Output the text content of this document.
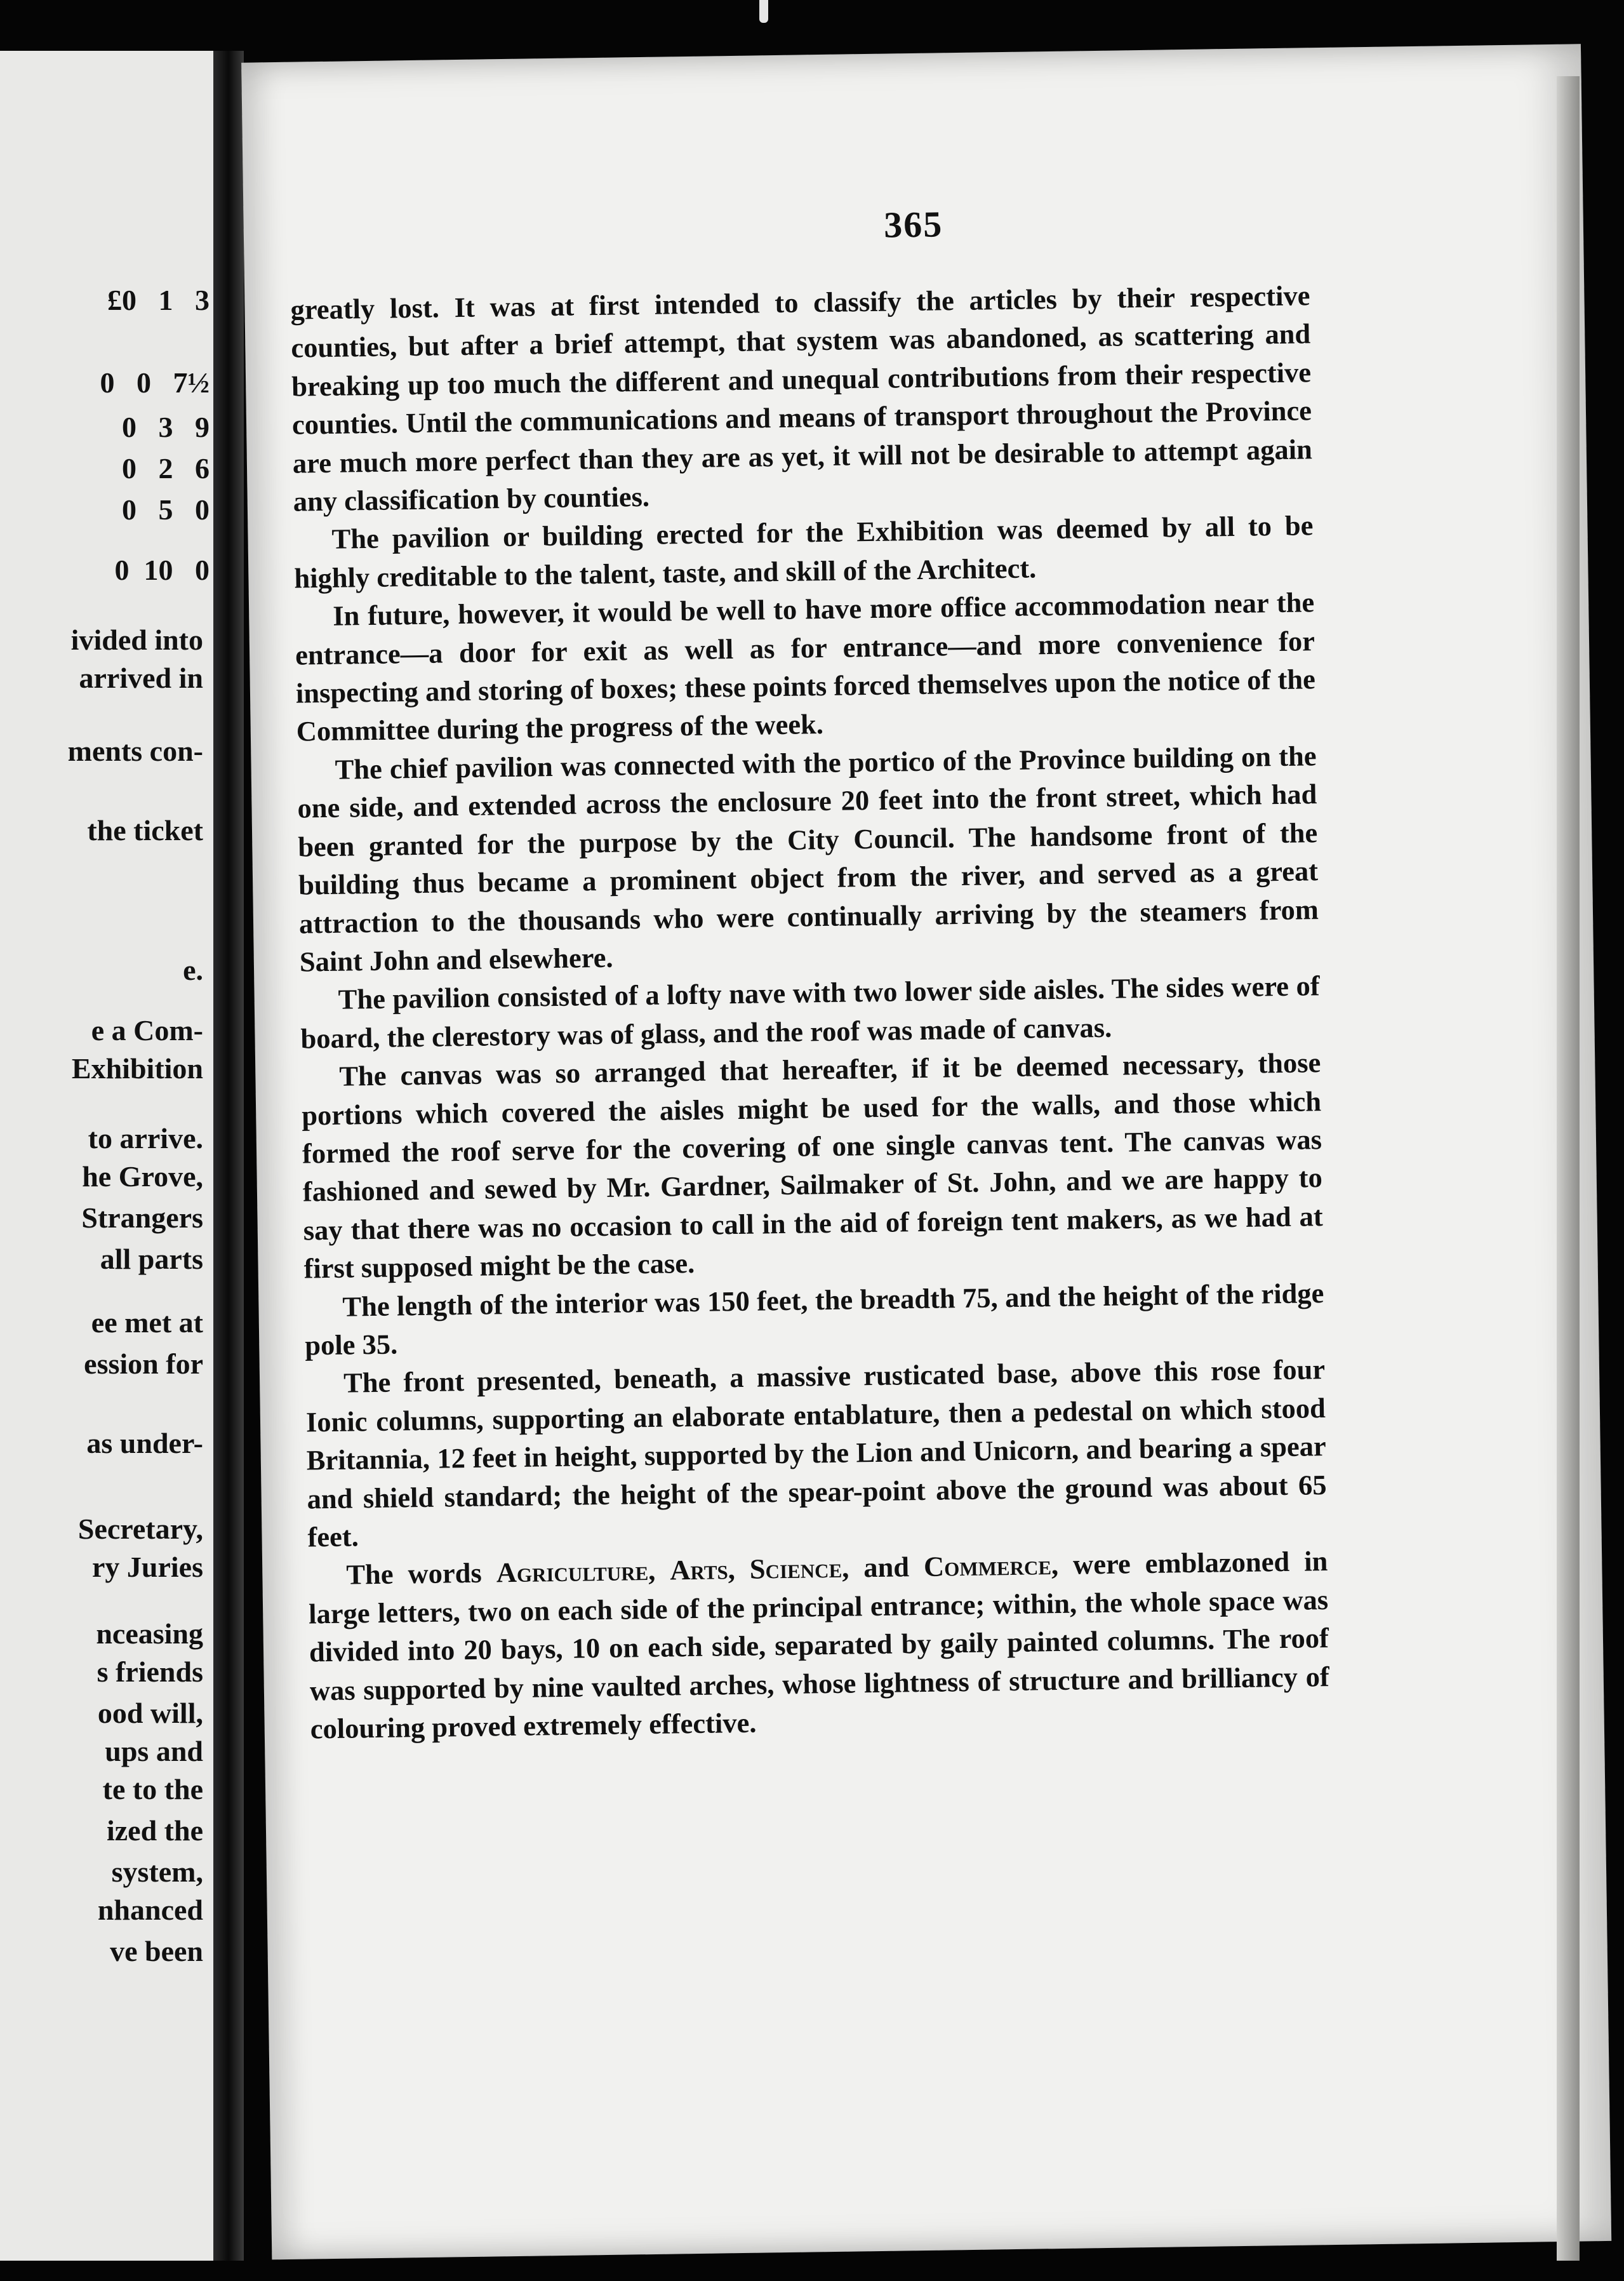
£0   1   3
0   0   7½
0   3   9
0   2   6
0   5   0
0  10   0
ivided into
arrived in
ments con-
the ticket
e.
e a Com-
Exhibition
to arrive.
he Grove,
Strangers
all parts
ee met at
ession for
as under-
Secretary,
ry Juries
nceasing
s friends
ood will,
ups and
te to the
ized the
system,
nhanced
ve been
365

greatly lost. It was at first intended to classify the articles by their respective counties, but after a brief attempt, that system was abandoned, as scattering and breaking up too much the different and unequal contributions from their respective counties. Until the communications and means of transport throughout the Province are much more perfect than they are as yet, it will not be desirable to attempt again any classification by counties.

The pavilion or building erected for the Exhibition was deemed by all to be highly creditable to the talent, taste, and skill of the Architect.

In future, however, it would be well to have more office accommodation near the entrance—a door for exit as well as for entrance—and more convenience for inspecting and storing of boxes; these points forced themselves upon the notice of the Committee during the progress of the week.

The chief pavilion was connected with the portico of the Province building on the one side, and extended across the enclosure 20 feet into the front street, which had been granted for the purpose by the City Council. The handsome front of the building thus became a prominent object from the river, and served as a great attraction to the thousands who were continually arriving by the steamers from Saint John and elsewhere.

The pavilion consisted of a lofty nave with two lower side aisles. The sides were of board, the clerestory was of glass, and the roof was made of canvas.

The canvas was so arranged that hereafter, if it be deemed necessary, those portions which covered the aisles might be used for the walls, and those which formed the roof serve for the covering of one single canvas tent. The canvas was fashioned and sewed by Mr. Gardner, Sailmaker of St. John, and we are happy to say that there was no occasion to call in the aid of foreign tent makers, as we had at first supposed might be the case.

The length of the interior was 150 feet, the breadth 75, and the height of the ridge pole 35.

The front presented, beneath, a massive rusticated base, above this rose four Ionic columns, supporting an elaborate entablature, then a pedestal on which stood Britannia, 12 feet in height, supported by the Lion and Unicorn, and bearing a spear and shield standard; the height of the spear-point above the ground was about 65 feet.

The words Agriculture, Arts, Science, and Commerce, were emblazoned in large letters, two on each side of the principal entrance; within, the whole space was divided into 20 bays, 10 on each side, separated by gaily painted columns. The roof was supported by nine vaulted arches, whose lightness of structure and brilliancy of colouring proved extremely effective.
